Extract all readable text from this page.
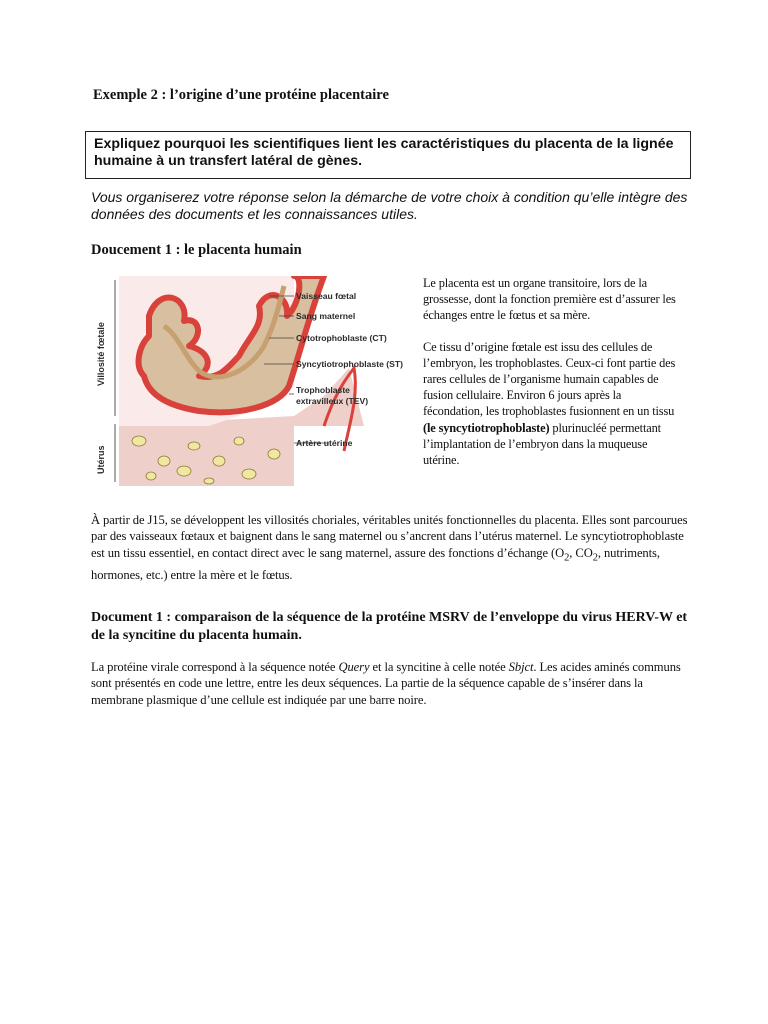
Exemple 2 : l’origine d’une protéine placentaire
Expliquez pourquoi les scientifiques lient les caractéristiques du placenta de la lignée humaine à un transfert latéral de gènes.
Vous organiserez votre réponse selon la démarche de votre choix à condition qu’elle intègre des données des documents et les connaissances utiles.
Doucement 1 : le placenta humain
Villosité fœtale
Utérus
Vaisseau fœtal
Sang maternel
Cytotrophoblaste (CT)
Syncytiotrophoblaste (ST)
Trophoblaste
extravilleux (TEV)
Artère utérine

Le placenta est un organe transitoire, lors de la grossesse, dont la fonction première est d’assurer les échanges entre le fœtus et sa mère.

Ce tissu d’origine fœtale est issu des cellules de l’embryon, les trophoblastes. Ceux-ci font partie des rares cellules de l’organisme humain capables de fusion cellulaire. Environ 6 jours après la fécondation, les trophoblastes fusionnent en un tissu (le syncytiotrophoblaste) plurinucléé permettant l’implantation de l’embryon dans la muqueuse utérine.

À partir de J15, se développent les villosités choriales, véritables unités fonctionnelles du placenta. Elles sont parcourues par des vaisseaux fœtaux et baignent dans le sang maternel ou s’ancrent dans l’utérus maternel. Le syncytiotrophoblaste est un tissu essentiel, en contact direct avec le sang maternel, assure des fonctions d’échange ($O_2$, $CO_2$, nutriments, hormones, etc.) entre la mère et le fœtus.

Document 1 : comparaison de la séquence de la protéine MSRV de l’enveloppe du virus HERV-W et de la syncitine du placenta humain.

La protéine virale correspond à la séquence notée Query et la syncitine à celle notée Sbjct. Les acides aminés communs sont présentés en code une lettre, entre les deux séquences. La partie de la séquence capable de s’insérer dans la membrane plasmique d’une cellule est indiquée par une barre noire.
